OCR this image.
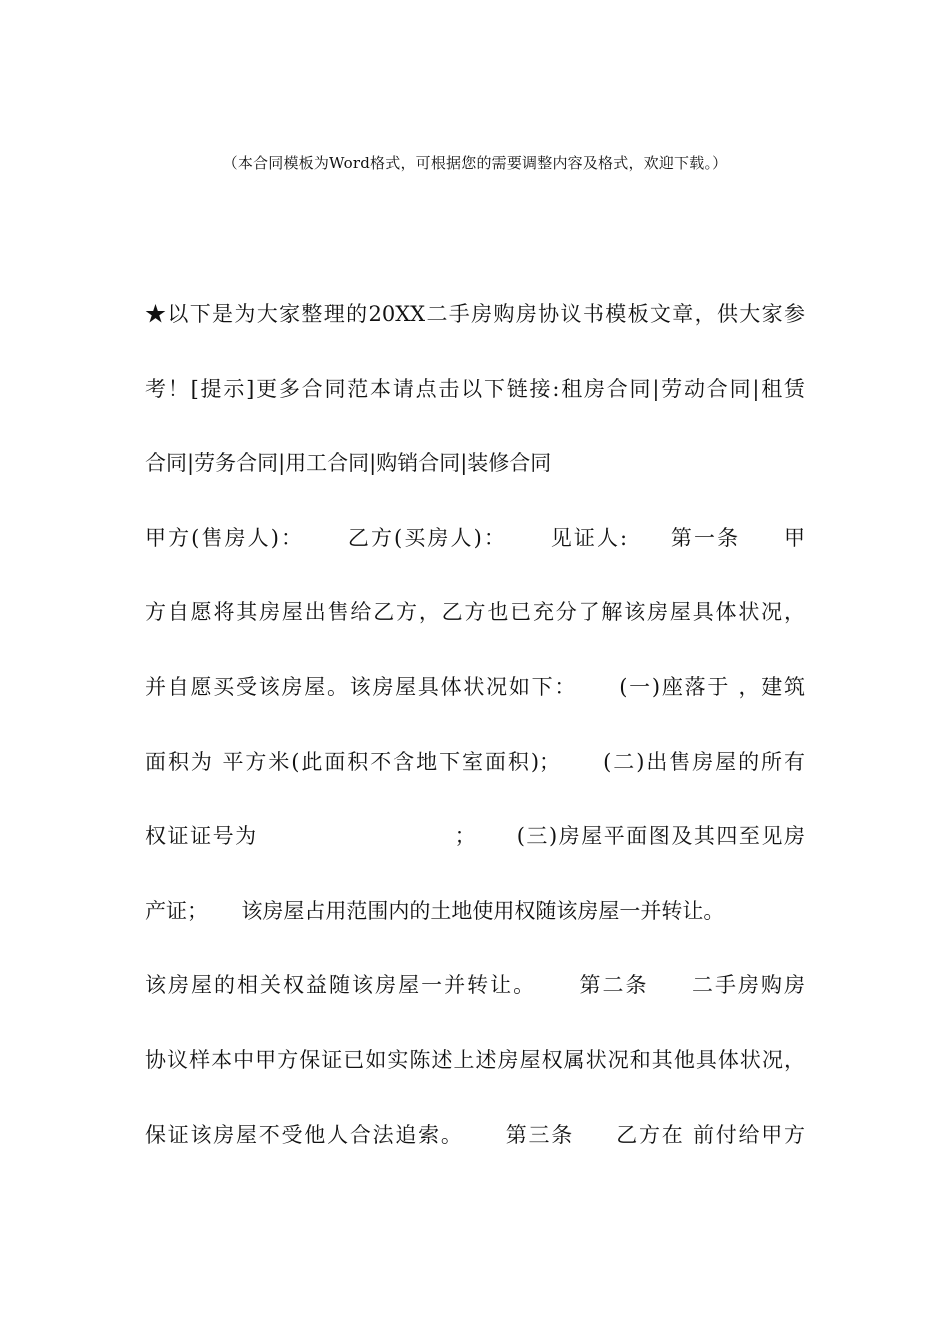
（本合同模板为Word格式，可根据您的需要调整内容及格式，欢迎下载。）
★以下是为大家整理的20XX二手房购房协议书模板文章，供大家参
考！[提示]更多合同范本请点击以下链接:租房合同|劳动合同|租赁
合同|劳务合同|用工合同|购销合同|装修合同
甲方(售房人)：     乙方(买房人)：     见证人:     第一条     甲
方自愿将其房屋出售给乙方，乙方也已充分了解该房屋具体状况，
并自愿买受该房屋。该房屋具体状况如下：     (一)座落于 ，建筑
面积为 平方米(此面积不含地下室面积)；     (二)出售房屋的所有
权证证号为                        ；     (三)房屋平面图及其四至见房
产证；     该房屋占用范围内的土地使用权随该房屋一并转让。
该房屋的相关权益随该房屋一并转让。     第二条     二手房购房
协议样本中甲方保证已如实陈述上述房屋权属状况和其他具体状况，
保证该房屋不受他人合法追索。     第三条     乙方在 前付给甲方
